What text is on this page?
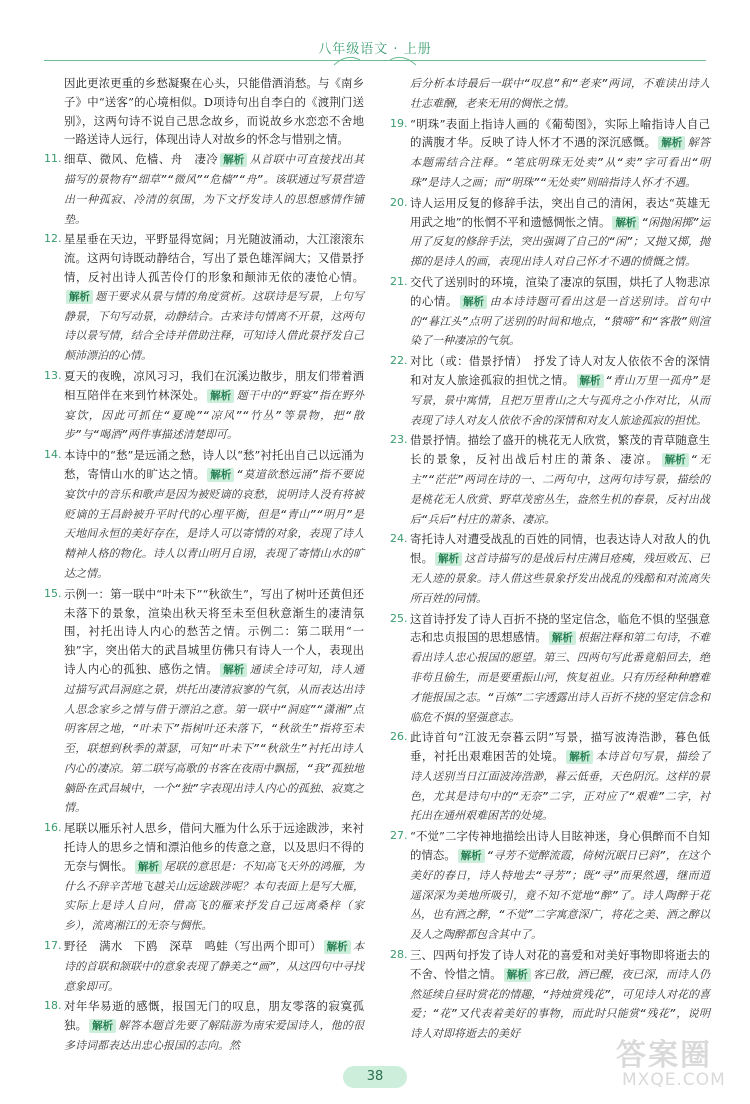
八年级语文 · 上册
因此更浓更重的乡愁凝聚在心头，只能借酒消愁。与《南乡子》中“送客”的心境相似。D项诗句出自李白的《渡荆门送别》，这两句诗不说自己思念故乡，而说故乡水恋恋不舍地一路送诗人远行，体现出诗人对故乡的怀念与惜别之情。
11. 细草、微风、危樯、舟　凄冷 解析 从首联中可直接找出其描写的景物有“细草”“微风”“危樯”“舟”。该联通过写景营造出一种孤寂、冷清的氛围，为下文抒发诗人的思想感情作铺垫。
12. 星星垂在天边，平野显得宽阔；月光随波涌动，大江滚滚东流。这两句诗既动静结合，写出了景色雄浑阔大；又借景抒情，反衬出诗人孤苦伶仃的形象和颠沛无依的凄怆心情。解析 题干要求从景与情的角度赏析。这联诗是写景，上句写静景，下句写动景，动静结合。古来诗句情离不开景，这两句诗以景写情，结合全诗并借助注释，可知诗人借此景抒发自己颠沛漂泊的心情。
13. 夏天的夜晚，凉风习习，我们在沉溪边散步，朋友们带着酒相互陪伴在来到竹林深处。 解析 题干中的“野宴”指在野外宴饮，因此可抓住“夏晚”“凉风”“竹丛”等景物，把“散步”与“喝酒”两件事描述清楚即可。
14. 本诗中的“愁”是远涌之愁，诗人以“愁”衬托出自己以远涌为愁，寄情山水的旷达之情。 解析 “莫道欲愁远涌”指不要说宴饮中的音乐和歌声是因为被贬谪的哀愁，说明诗人没有将被贬谪的王昌龄被升平时代的心理平衡，但是“青山”“明月”是天地间永恒的美好存在，是诗人可以寄情的对象，表现了诗人精神人格的物化。诗人以青山明月自诩，表现了寄情山水的旷达之情。
15. 示例一：第一联中“叶未下”“秋欲生”，写出了树叶还黄但还未落下的景象，渲染出秋天将至未至但秋意渐生的凄清氛围，衬托出诗人内心的愁苦之情。示例二：第二联用“一独”字，突出偌大的武昌城里仿佛只有诗人一个人，表现出诗人内心的孤独、感伤之情。 解析 通读全诗可知，诗人通过描写武昌洞庭之景，烘托出凄清寂寥的气氛，从而表达出诗人思念家乡之情与借于漂泊之意。第一联中“洞庭”“潇湘”点明客居之地，“叶未下”指树叶还未落下，“秋欲生”指将至未至，联想到秋季的萧瑟，可知“叶未下”“秋欲生”衬托出诗人内心的凄凉。第二联写高歌的书客在夜雨中飘摇，“我”孤独地躺卧在武昌城中，一个“独”字表现出诗人内心的孤独、寂寞之情。
16. 尾联以雁乐衬人思乡，借问大雁为什么乐于远途跋涉，来衬托诗人的思乡之情和漂泊他乡的传意之意，以及思归不得的无奈与惆怅。 解析 尾联的意思是：不知高飞天外的鸿雁，为什么不辞辛苦地飞越关山远途跋涉呢？本句表面上是写大雁，实际上是诗人自问，借高飞的雁来抒发自己远离桑梓（家乡），流离湘江的无奈与惆怅。
17. 野径　满水　下鸥　深草　鸣蛙（写出两个即可） 解析 本诗的首联和颔联中的意象表现了静美之“画”，从这四句中寻找意象即可。
18. 对年华易逝的感慨，报国无门的叹息，朋友零落的寂寞孤独。 解析 解答本题首先要了解陆游为南宋爱国诗人，他的很多诗词都表达出忠心报国的志向。然
后分析本诗最后一联中“叹息”和“老来”两词，不难读出诗人壮志难酬，老来无用的惆怅之情。
19. “明珠”表面上指诗人画的《葡萄图》，实际上喻指诗人自己的满腹才华。反映了诗人怀才不遇的深沉感慨。 解析 解答本题需结合注释。“笔底明珠无处卖”从“卖”字可看出“明珠”是诗人之画；而“明珠”“无处卖”则暗指诗人怀才不遇。
20. 诗人运用反复的修辞手法，突出自己的清闲，表达“英雄无用武之地”的怅惘不平和遗憾惆怅之情。 解析 “闲抛闲掷”运用了反复的修辞手法，突出强调了自己的“闲”；又抛又掷，抛掷的是诗人的画，表现出诗人对自己怀才不遇的愤慨之情。
21. 交代了送别时的环境，渲染了凄凉的氛围，烘托了人物悲凉的心情。 解析 由本诗诗题可看出这是一首送别诗。首句中的“暮江头”点明了送别的时间和地点，“猿啼”和“客散”则渲染了一种凄凉的气氛。
22. 对比（或：借景抒情）　抒发了诗人对友人依依不舍的深情和对友人旅途孤寂的担忧之情。 解析 “青山万里一孤舟”是写景，景中寓情，且把万里青山之大与孤舟之小作对比，从而表现了诗人对友人依依不舍的深情和对友人旅途孤寂的担忧。
23. 借景抒情。描绘了盛开的桃花无人欣赏，繁茂的青草随意生长的景象，反衬出战后村庄的萧条、凄凉。 解析 “无主”“茫茫”两词在诗的一、二两句中，这两句诗写景，描绘的是桃花无人欣赏、野草茂密丛生，盎然生机的春景，反衬出战后“兵后”村庄的萧条、凄凉。
24. 寄托诗人对遭受战乱的百姓的同情，也表达诗人对敌人的仇恨。 解析 这首诗描写的是战后村庄满目疮痍，残垣败瓦、已无人迹的景象。诗人借这些景象抒发出战乱的残酷和对流离失所百姓的同情。
25. 这首诗抒发了诗人百折不挠的坚定信念，临危不惧的坚强意志和忠贞报国的思想感情。 解析 根据注释和第二句诗，不难看出诗人忠心报国的愿望。第三、四两句写此番竟船回去，绝非苟且偷生，而是要重振山河，恢复祖业。只有历经种种磨难才能报国之志。“百炼”二字透露出诗人百折不挠的坚定信念和临危不惧的坚强意志。
26. 此诗首句“江波无奈暮云阴”写景，描写波涛浩渺，暮色低垂，衬托出艰难困苦的处境。 解析 本诗首句写景，描绘了诗人送别当日江面波涛浩渺，暮云低垂，天色阴沉。这样的景色，尤其是诗句中的“无奈”二字，正对应了“艰难”二字，衬托出在通州艰难困苦的处境。
27. “不觉”二字传神地描绘出诗人目眩神迷，身心俱醉而不自知的情态。 解析 “寻芳不觉醉流霞，倚树沉眠日已斜”，在这个美好的春日，诗人特地去“寻芳”；既“寻”而果然遇，继而逍遥深深为美地所吸引，竟不知不觉地“醉”了。诗人陶醉于花丛，也有酒之醉，“不觉”二字寓意深广，将花之美、酒之醉以及人之陶醉都包含其中了。
28. 三、四两句抒发了诗人对花的喜爱和对美好事物即将逝去的不舍、怜惜之情。 解析 客已散，酒已醒，夜已深，而诗人仍然延续自昼时赏花的情趣，“持烛赏残花”，可见诗人对花的喜爱；“花”又代表着美好的事物，而此时只能赏“残花”，说明诗人对即将逝去的美好
38
答案圈
MXQE.COM
